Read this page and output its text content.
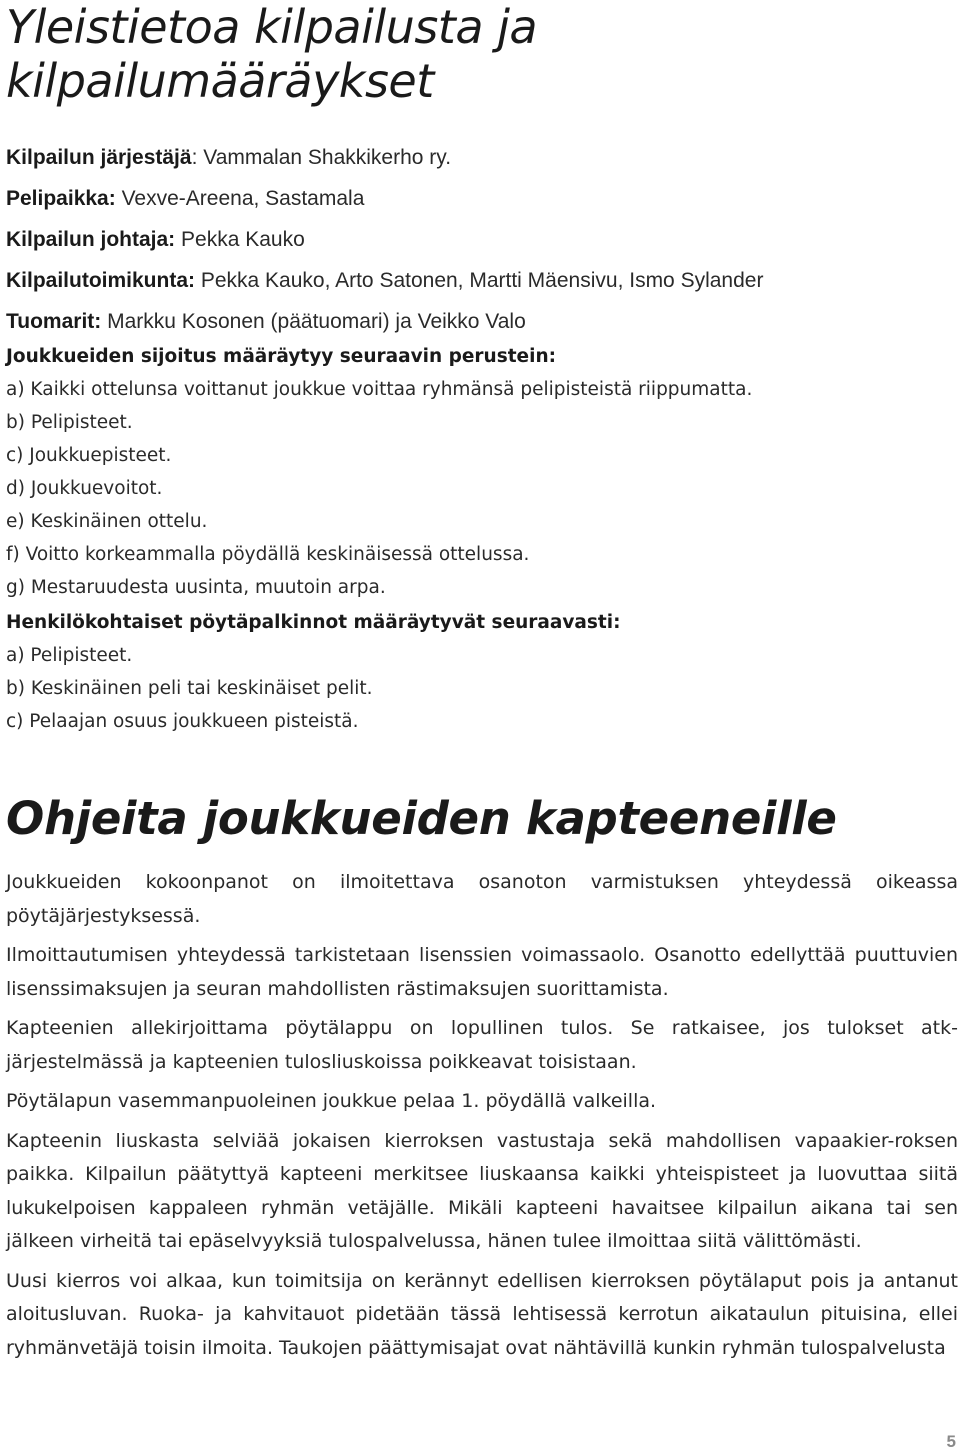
Yleistietoa kilpailusta ja
kilpailumääräykset
Kilpailun järjestäjä: Vammalan Shakkikerho ry.
Pelipaikka: Vexve-Areena, Sastamala
Kilpailun johtaja: Pekka Kauko
Kilpailutoimikunta: Pekka Kauko, Arto Satonen, Martti Mäensivu, Ismo Sylander
Tuomarit: Markku Kosonen (päätuomari) ja Veikko Valo
Joukkueiden sijoitus määräytyy seuraavin perustein:
a) Kaikki ottelunsa voittanut joukkue voittaa ryhmänsä pelipisteistä riippumatta.
b) Pelipisteet.
c) Joukkuepisteet.
d) Joukkuevoitot.
e) Keskinäinen ottelu.
f) Voitto korkeammalla pöydällä keskinäisessä ottelussa.
g) Mestaruudesta uusinta, muutoin arpa.
Henkilökohtaiset pöytäpalkinnot määräytyvät seuraavasti:
a) Pelipisteet.
b) Keskinäinen peli tai keskinäiset pelit.
c) Pelaajan osuus joukkueen pisteistä.
Ohjeita joukkueiden kapteeneille

Joukkueiden kokoonpanot on ilmoitettava osanoton varmistuksen yhteydessä oikeassa pöytäjärjestyksessä.

Ilmoittautumisen yhteydessä tarkistetaan lisenssien voimassaolo. Osanotto edellyttää puuttuvien lisenssimaksujen ja seuran mahdollisten rästimaksujen suorittamista.

Kapteenien allekirjoittama pöytälappu on lopullinen tulos. Se ratkaisee, jos tulokset atk-järjestelmässä ja kapteenien tulosliuskoissa poikkeavat toisistaan.

Pöytälapun vasemmanpuoleinen joukkue pelaa 1. pöydällä valkeilla.

Kapteenin liuskasta selviää jokaisen kierroksen vastustaja sekä mahdollisen vapaakier-roksen paikka. Kilpailun päätyttyä kapteeni merkitsee liuskaansa kaikki yhteispisteet ja luovuttaa siitä lukukelpoisen kappaleen ryhmän vetäjälle. Mikäli kapteeni havaitsee kilpailun aikana tai sen jälkeen virheitä tai epäselvyyksiä tulospalvelussa, hänen tulee ilmoittaa siitä välittömästi.

Uusi kierros voi alkaa, kun toimitsija on kerännyt edellisen kierroksen pöytälaput pois ja antanut aloitusluvan. Ruoka- ja kahvitauot pidetään tässä lehtisessä kerrotun aikataulun pituisina, ellei ryhmänvetäjä toisin ilmoita. Taukojen päättymisajat ovat nähtävillä kunkin ryhmän tulospalvelusta

5
